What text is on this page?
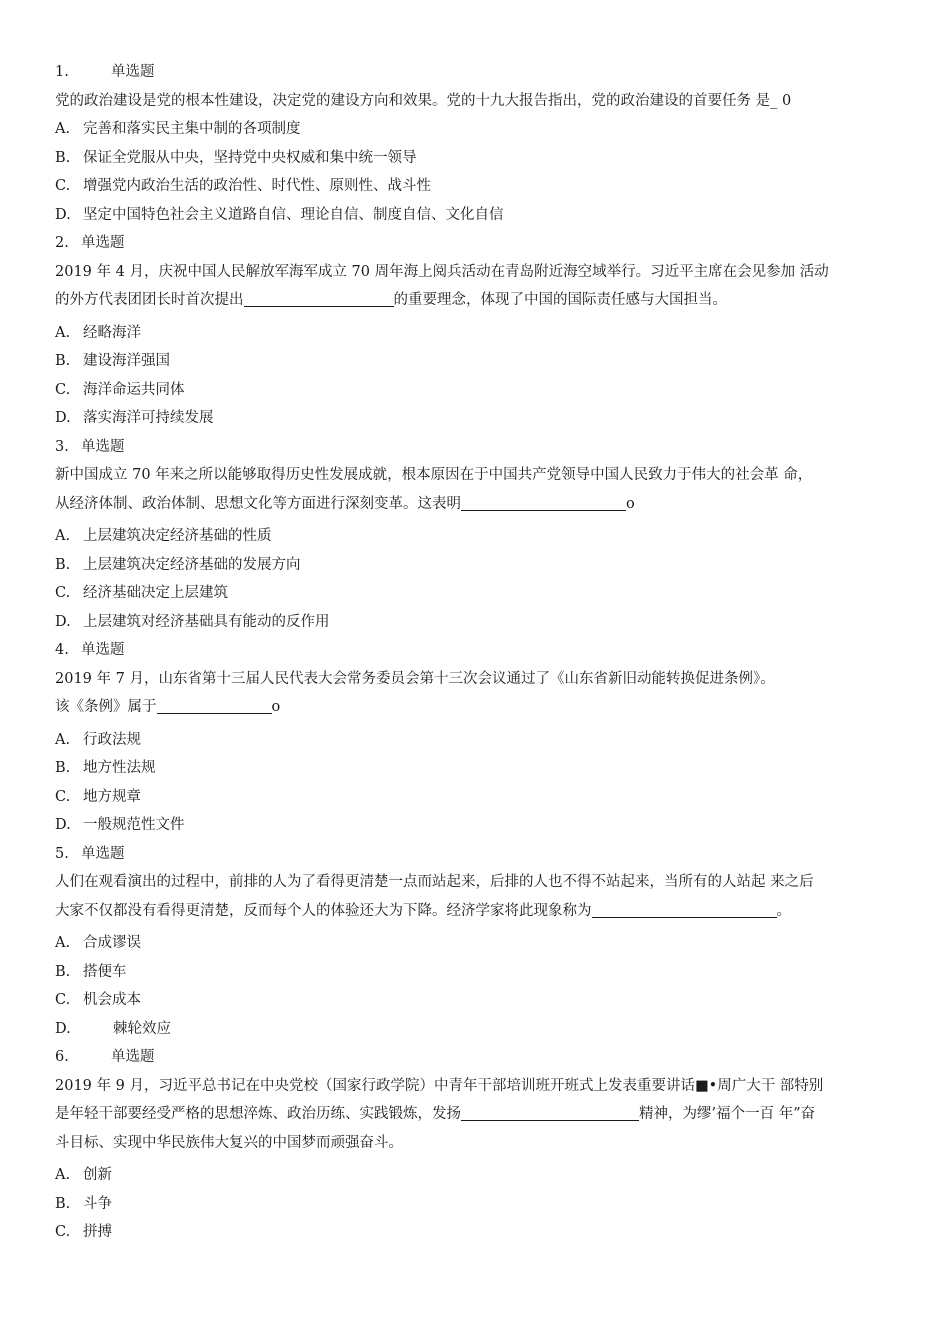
1.	单选题
党的政治建设是党的根本性建设，决定党的建设方向和效果。党的十九大报告指出，党的政治建设的首要任务 是_ 0
A. 完善和落实民主集中制的各项制度
B. 保证全党服从中央，坚持党中央权威和集中统一领导
C. 增强党内政治生活的政治性、时代性、原则性、战斗性
D. 坚定中国特色社会主义道路自信、理论自信、制度自信、文化自信
2. 单选题
2019 年 4 月，庆祝中国人民解放军海军成立 70 周年海上阅兵活动在青岛附近海空域举行。习近平主席在会见参加 活动
的外方代表团团长时首次提出	的重要理念，体现了中国的国际责任感与大国担当。
A. 经略海洋
B. 建设海洋强国
C. 海洋命运共同体
D. 落实海洋可持续发展
3. 单选题
新中国成立 70 年来之所以能够取得历史性发展成就，根本原因在于中国共产党领导中国人民致力于伟大的社会革 命，
从经济体制、政治体制、思想文化等方面进行深刻变革。这表明	o
A. 上层建筑决定经济基础的性质
B. 上层建筑决定经济基础的发展方向
C. 经济基础决定上层建筑
D. 上层建筑对经济基础具有能动的反作用
4. 单选题
2019 年 7 月，山东省第十三届人民代表大会常务委员会第十三次会议通过了《山东省新旧动能转换促进条例》。
该《条例》属于	o
A. 行政法规
B. 地方性法规
C. 地方规章
D. 一般规范性文件
5. 单选题
人们在观看演出的过程中，前排的人为了看得更清楚一点而站起来，后排的人也不得不站起来，当所有的人站起 来之后
大家不仅都没有看得更清楚，反而每个人的体验还大为下降。经济学家将此现象称为	。
A. 合成谬误
B. 搭便车
C. 机会成本
D.	棘轮效应
6.	单选题
2019 年 9 月，习近平总书记在中央党校（国家行政学院）中青年干部培训班开班式上发表重要讲话■•周广大干 部特别
是年轻干部要经受严格的思想淬炼、政治历练、实践锻炼，发扬	精神，为缪’福个一百 年”奋
斗目标、实现中华民族伟大复兴的中国梦而顽强奋斗。
A. 创新
B. 斗争
C. 拼搏
